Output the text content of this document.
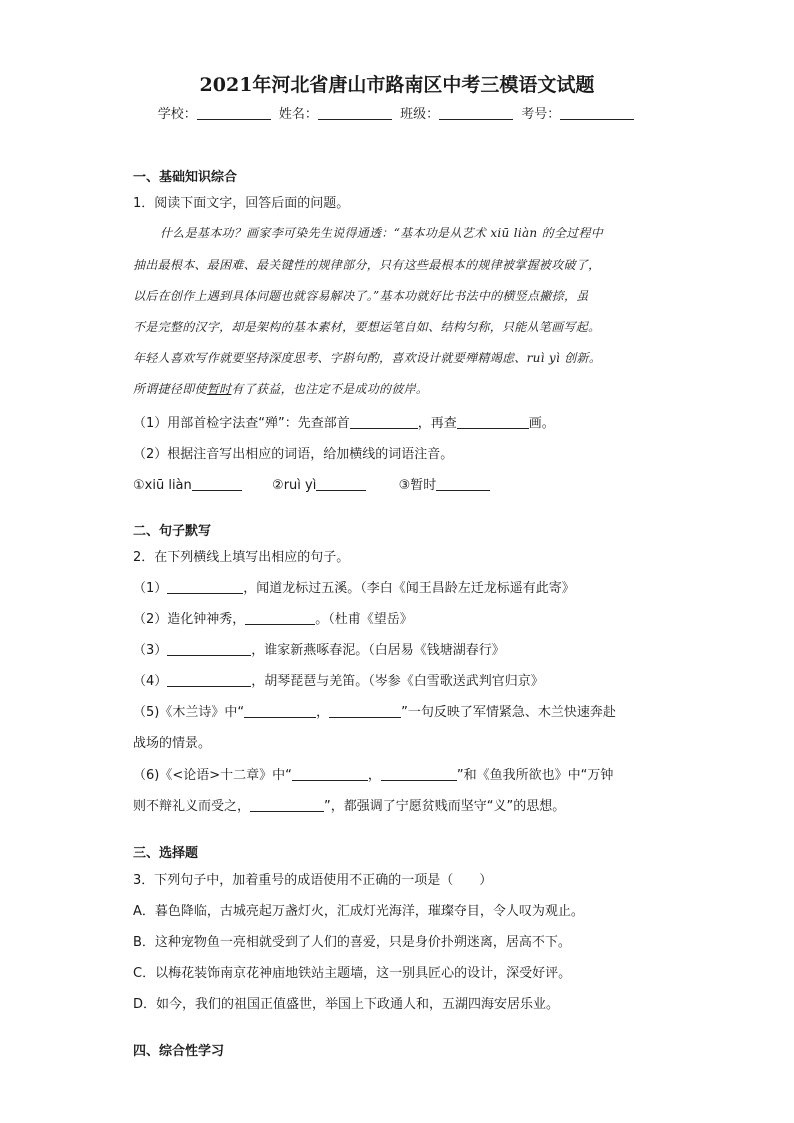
2021年河北省唐山市路南区中考三模语文试题
学校：	姓名：	班级：	考号：
一、基础知识综合
1．阅读下面文字，回答后面的问题。
什么是基本功？画家李可染先生说得通透：“基本功是从艺术 xiū liàn 的全过程中
抽出最根本、最困难、最关键性的规律部分，只有这些最根本的规律被掌握被攻破了，
以后在创作上遇到具体问题也就容易解决了。”基本功就好比书法中的横竖点撇捺，虽
不是完整的汉字，却是架构的基本素材，要想运笔自如、结构匀称，只能从笔画写起。
年轻人喜欢写作就要坚持深度思考、字斟句酌，喜欢设计就要殚精竭虑、ruì yì 创新。
所谓捷径即使暂时有了获益，也注定不是成功的彼岸。
（1）用部首检字法查“殚”：先查部首	，再查	画。
（2）根据注音写出相应的词语，给加横线的词语注音。
①xiū liàn	②ruì yì	③暂时
二、句子默写
2．在下列横线上填写出相应的句子。
（1）	，闻道龙标过五溪。（李白《闻王昌龄左迁龙标遥有此寄》
（2）造化钟神秀，	。（杜甫《望岳》
（3）	，谁家新燕啄春泥。（白居易《钱塘湖春行》
（4）	，胡琴琵琶与羌笛。（岑参《白雪歌送武判官归京》
（5)《木兰诗》中“	，	”一句反映了军情紧急、木兰快速奔赴
战场的情景。
（6)《<论语>十二章》中“	，	”和《鱼我所欲也》中“万钟
则不辩礼义而受之，	”，都强调了宁愿贫贱而坚守“义”的思想。
三、选择题
3．下列句子中，加着重号的成语使用不正确的一项是（　　）
A．暮色降临，古城亮起万盏灯火，汇成灯光海洋，璀璨夺目，令人叹为观止。
B．这种宠物鱼一亮相就受到了人们的喜爱，只是身价扑朔迷离，居高不下。
C．以梅花装饰南京花神庙地铁站主题墙，这一别具匠心的设计，深受好评。
D．如今，我们的祖国正值盛世，举国上下政通人和，五湖四海安居乐业。
四、综合性学习
